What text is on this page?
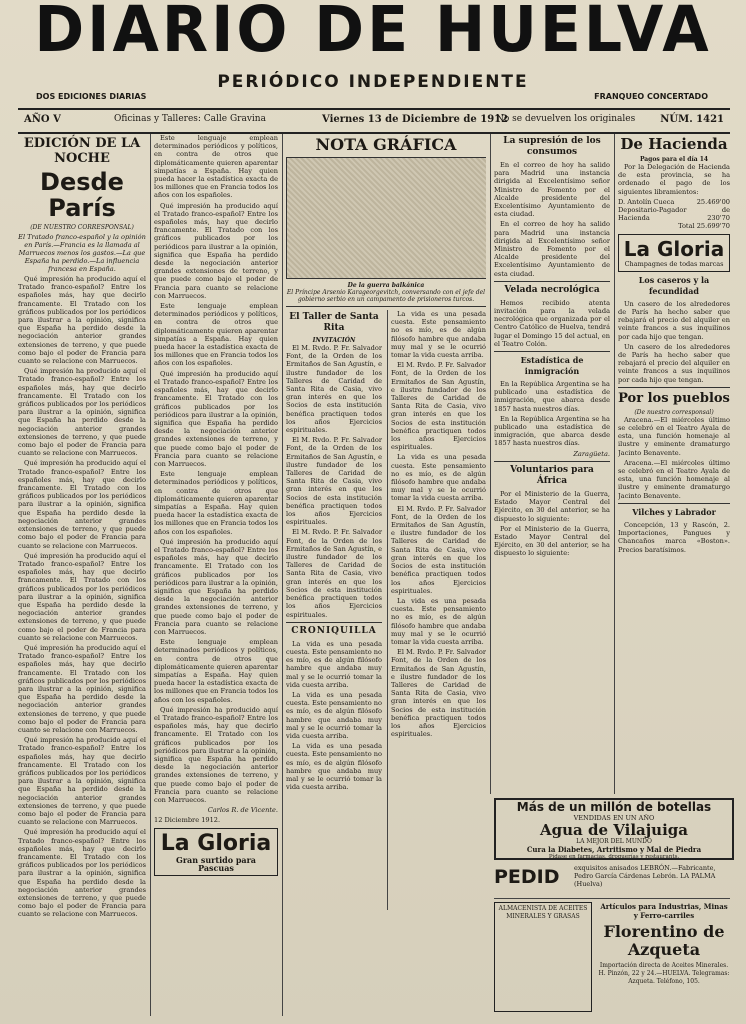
DIARIO DE HUELVA
PERIÓDICO INDEPENDIENTE
DOS EDICIONES DIARIAS	FRANQUEO CONCERTADO
AÑO V	Oficinas y Talleres: Calle Gravina	Viernes 13 de Diciembre de 1912
No se devuelven los originales	NÚM. 1421
EDICIÓN DE LA NOCHE
Desde París
(DE NUESTRO CORRESPONSAL)
El Tratado franco-español y la opinión en París.—Francia es la llamada al Marruecos menos los gastos.—La que España ha perdido.—La influencia francesa en España.

Qué impresión ha producido aquí el Tratado franco-español? Entre los españoles más, hay que decirlo francamente. El Tratado con los gráficos publicados por los periódicos para ilustrar a la opinión, significa que España ha perdido desde la negociación anterior grandes extensiones de terreno, y que puede como bajo el poder de Francia para cuanto se relacione con Marruecos.

Qué impresión ha producido aquí el Tratado franco-español? Entre los españoles más, hay que decirlo francamente. El Tratado con los gráficos publicados por los periódicos para ilustrar a la opinión, significa que España ha perdido desde la negociación anterior grandes extensiones de terreno, y que puede como bajo el poder de Francia para cuanto se relacione con Marruecos.

Qué impresión ha producido aquí el Tratado franco-español? Entre los españoles más, hay que decirlo francamente. El Tratado con los gráficos publicados por los periódicos para ilustrar a la opinión, significa que España ha perdido desde la negociación anterior grandes extensiones de terreno, y que puede como bajo el poder de Francia para cuanto se relacione con Marruecos.

Qué impresión ha producido aquí el Tratado franco-español? Entre los españoles más, hay que decirlo francamente. El Tratado con los gráficos publicados por los periódicos para ilustrar a la opinión, significa que España ha perdido desde la negociación anterior grandes extensiones de terreno, y que puede como bajo el poder de Francia para cuanto se relacione con Marruecos.

Qué impresión ha producido aquí el Tratado franco-español? Entre los españoles más, hay que decirlo francamente. El Tratado con los gráficos publicados por los periódicos para ilustrar a la opinión, significa que España ha perdido desde la negociación anterior grandes extensiones de terreno, y que puede como bajo el poder de Francia para cuanto se relacione con Marruecos.

Qué impresión ha producido aquí el Tratado franco-español? Entre los españoles más, hay que decirlo francamente. El Tratado con los gráficos publicados por los periódicos para ilustrar a la opinión, significa que España ha perdido desde la negociación anterior grandes extensiones de terreno, y que puede como bajo el poder de Francia para cuanto se relacione con Marruecos.

Qué impresión ha producido aquí el Tratado franco-español? Entre los españoles más, hay que decirlo francamente. El Tratado con los gráficos publicados por los periódicos para ilustrar a la opinión, significa que España ha perdido desde la negociación anterior grandes extensiones de terreno, y que puede como bajo el poder de Francia para cuanto se relacione con Marruecos.

Este lenguaje emplean determinados periódicos y políticos, en contra de otros que diplomáticamente quieren aparentar simpatías a España. Hay quien pueda hacer la estadística exacta de los millones que en Francia todos los años con los españoles.

Qué impresión ha producido aquí el Tratado franco-español? Entre los españoles más, hay que decirlo francamente. El Tratado con los gráficos publicados por los periódicos para ilustrar a la opinión, significa que España ha perdido desde la negociación anterior grandes extensiones de terreno, y que puede como bajo el poder de Francia para cuanto se relacione con Marruecos.

Este lenguaje emplean determinados periódicos y políticos, en contra de otros que diplomáticamente quieren aparentar simpatías a España. Hay quien pueda hacer la estadística exacta de los millones que en Francia todos los años con los españoles.

Qué impresión ha producido aquí el Tratado franco-español? Entre los españoles más, hay que decirlo francamente. El Tratado con los gráficos publicados por los periódicos para ilustrar a la opinión, significa que España ha perdido desde la negociación anterior grandes extensiones de terreno, y que puede como bajo el poder de Francia para cuanto se relacione con Marruecos.

Este lenguaje emplean determinados periódicos y políticos, en contra de otros que diplomáticamente quieren aparentar simpatías a España. Hay quien pueda hacer la estadística exacta de los millones que en Francia todos los años con los españoles.

Qué impresión ha producido aquí el Tratado franco-español? Entre los españoles más, hay que decirlo francamente. El Tratado con los gráficos publicados por los periódicos para ilustrar a la opinión, significa que España ha perdido desde la negociación anterior grandes extensiones de terreno, y que puede como bajo el poder de Francia para cuanto se relacione con Marruecos.

Este lenguaje emplean determinados periódicos y políticos, en contra de otros que diplomáticamente quieren aparentar simpatías a España. Hay quien pueda hacer la estadística exacta de los millones que en Francia todos los años con los españoles.

Qué impresión ha producido aquí el Tratado franco-español? Entre los españoles más, hay que decirlo francamente. El Tratado con los gráficos publicados por los periódicos para ilustrar a la opinión, significa que España ha perdido desde la negociación anterior grandes extensiones de terreno, y que puede como bajo el poder de Francia para cuanto se relacione con Marruecos.

Carlos R. de Vicente.
12 Diciembre 1912.
La Gloria
Gran surtido para Pascuas
NOTA GRÁFICA
De la guerra balkánica
El Príncipe Arsenio Karageorgevitch, conversando con el jefe del gobierno serbio en un campamento de prisioneros turcos.
El Taller de Santa Rita
INVITACIÓN

El M. Rvdo. P. Fr. Salvador Font, de la Orden de los Ermitaños de San Agustín, e ilustre fundador de los Talleres de Caridad de Santa Rita de Casia, vivo gran interés en que los Socios de esta institución benéfica practiquen todos los años Ejercicios espirituales.

El M. Rvdo. P. Fr. Salvador Font, de la Orden de los Ermitaños de San Agustín, e ilustre fundador de los Talleres de Caridad de Santa Rita de Casia, vivo gran interés en que los Socios de esta institución benéfica practiquen todos los años Ejercicios espirituales.

El M. Rvdo. P. Fr. Salvador Font, de la Orden de los Ermitaños de San Agustín, e ilustre fundador de los Talleres de Caridad de Santa Rita de Casia, vivo gran interés en que los Socios de esta institución benéfica practiquen todos los años Ejercicios espirituales.

CRONIQUILLA

La vida es una pesada cuesta. Este pensamiento no es mío, es de algún filósofo hambre que andaba muy mal y se le ocurrió tomar la vida cuesta arriba.

La vida es una pesada cuesta. Este pensamiento no es mío, es de algún filósofo hambre que andaba muy mal y se le ocurrió tomar la vida cuesta arriba.

La vida es una pesada cuesta. Este pensamiento no es mío, es de algún filósofo hambre que andaba muy mal y se le ocurrió tomar la vida cuesta arriba.

La vida es una pesada cuesta. Este pensamiento no es mío, es de algún filósofo hambre que andaba muy mal y se le ocurrió tomar la vida cuesta arriba.

El M. Rvdo. P. Fr. Salvador Font, de la Orden de los Ermitaños de San Agustín, e ilustre fundador de los Talleres de Caridad de Santa Rita de Casia, vivo gran interés en que los Socios de esta institución benéfica practiquen todos los años Ejercicios espirituales.

La vida es una pesada cuesta. Este pensamiento no es mío, es de algún filósofo hambre que andaba muy mal y se le ocurrió tomar la vida cuesta arriba.

El M. Rvdo. P. Fr. Salvador Font, de la Orden de los Ermitaños de San Agustín, e ilustre fundador de los Talleres de Caridad de Santa Rita de Casia, vivo gran interés en que los Socios de esta institución benéfica practiquen todos los años Ejercicios espirituales.

La vida es una pesada cuesta. Este pensamiento no es mío, es de algún filósofo hambre que andaba muy mal y se le ocurrió tomar la vida cuesta arriba.

El M. Rvdo. P. Fr. Salvador Font, de la Orden de los Ermitaños de San Agustín, e ilustre fundador de los Talleres de Caridad de Santa Rita de Casia, vivo gran interés en que los Socios de esta institución benéfica practiquen todos los años Ejercicios espirituales.

La supresión de los consumos

En el correo de hoy ha salido para Madrid una instancia dirigida al Excelentísimo señor Ministro de Fomento por el Alcalde presidente del Excelentísimo Ayuntamiento de esta ciudad.

En el correo de hoy ha salido para Madrid una instancia dirigida al Excelentísimo señor Ministro de Fomento por el Alcalde presidente del Excelentísimo Ayuntamiento de esta ciudad.

Velada necrológica

Hemos recibido atenta invitación para la velada necrológica que organizada por el Centro Católico de Huelva, tendrá lugar el Domingo 15 del actual, en el Teatro Colón.

Estadística de inmigración

En la República Argentina se ha publicado una estadística de inmigración, que abarca desde 1857 hasta nuestros días.

En la República Argentina se ha publicado una estadística de inmigración, que abarca desde 1857 hasta nuestros días.

Zaragüeta.
Voluntarios para África

Por el Ministerio de la Guerra, Estado Mayor Central del Ejército, en 30 del anterior, se ha dispuesto lo siguiente:

Por el Ministerio de la Guerra, Estado Mayor Central del Ejército, en 30 del anterior, se ha dispuesto lo siguiente:

De Hacienda
Pagos para el día 14

Por la Delegación de Hacienda de esta provincia, se ha ordenado el pago de los siguientes libramientos:

D. Antolín Cueca	25.469'00
Depositario-Pagador de Hacienda	230'70
Total 25.699'70
La Gloria
Champagnes de todas marcas
Los caseros y la fecundidad

Un casero de los alrededores de París ha hecho saber que rebajará el precio del alquiler en veinte francos a sus inquilinos por cada hijo que tengan.

Un casero de los alrededores de París ha hecho saber que rebajará el precio del alquiler en veinte francos a sus inquilinos por cada hijo que tengan.

Por los pueblos
(De nuestro corresponsal)

Aracena.—El miércoles último se celebró en el Teatro Ayala de esta, una función homenaje al ilustre y eminente dramaturgo Jacinto Benavente.

Aracena.—El miércoles último se celebró en el Teatro Ayala de esta, una función homenaje al ilustre y eminente dramaturgo Jacinto Benavente.

Vilches y Labrador

Concepción, 13 y Rascón, 2. Importaciones, Pangues y Chancaños marca «Boston». Precios baratísimos.

Más de un millón de botellas
VENDIDAS EN UN AÑO
Agua de Vilajuiga
LA MEJOR DEL MUNDO
Cura la Diabetes, Artritismo y Mal de Piedra
Pídase en farmacias, droguerías y restaurants.
PEDID exquisitos anisados LEBRÓN.—Fabricante, Pedro García Cárdenas Lebrón. LA PALMA (Huelva)
ALMACENISTA DE ACEITES MINERALES Y GRASAS
Artículos para Industrias, Minas y Ferro-carriles
Florentino de Azqueta
Importación directa de Aceites Minerales. H. Pinzón, 22 y 24.—HUELVA. Telegramas: Azqueta. Teléfono, 105.
